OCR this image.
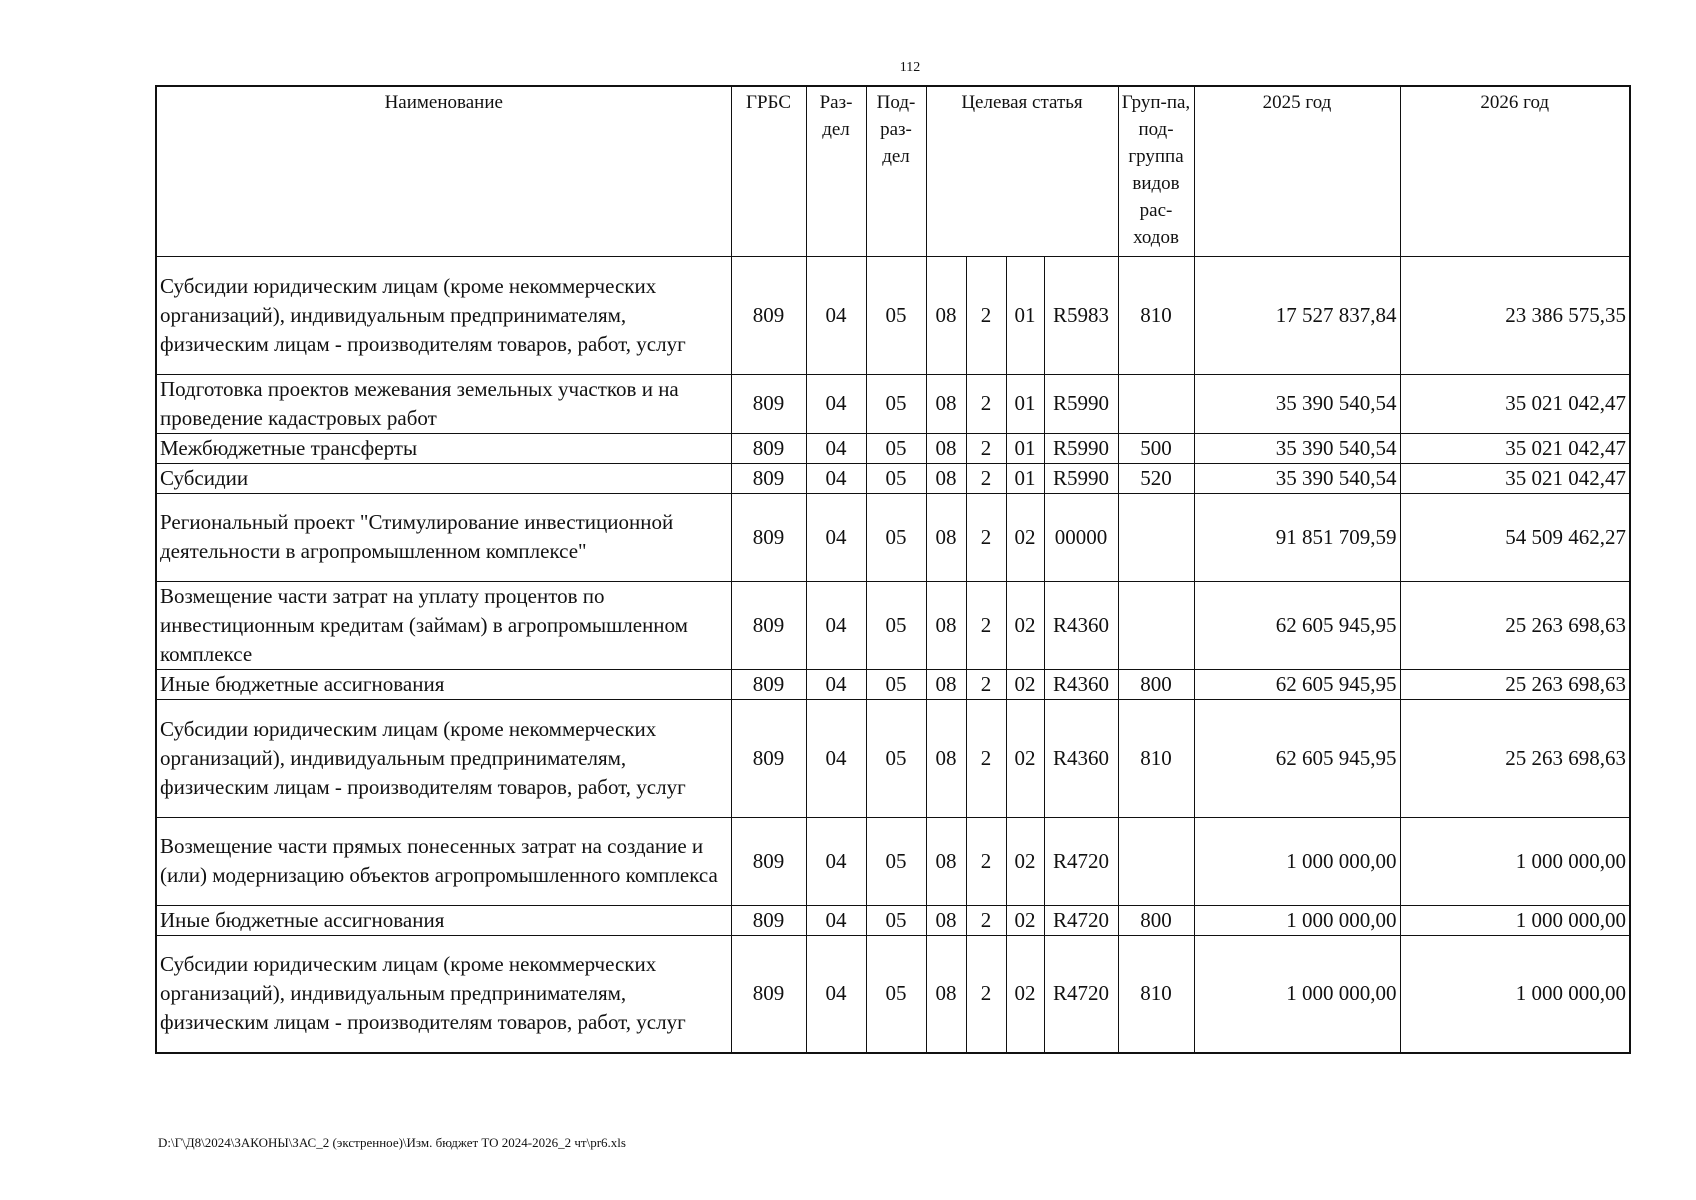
112
Наименование	ГРБС	Раз-дел	Под-раз-дел	Целевая статья				Груп-па, под-группа видов рас-ходов	2025 год	2026 год
Субсидии юридическим лицам (кроме некоммерческих организаций), индивидуальным предпринимателям, физическим лицам - производителям товаров, работ, услуг	809	04	05	08	2	01	R5983	810	17 527 837,84	23 386 575,35
Подготовка проектов межевания земельных участков и на проведение кадастровых работ	809	04	05	08	2	01	R5990		35 390 540,54	35 021 042,47
Межбюджетные трансферты	809	04	05	08	2	01	R5990	500	35 390 540,54	35 021 042,47
Субсидии	809	04	05	08	2	01	R5990	520	35 390 540,54	35 021 042,47
Региональный проект "Стимулирование инвестиционной деятельности в агропромышленном комплексе"	809	04	05	08	2	02	00000		91 851 709,59	54 509 462,27
Возмещение части затрат на уплату процентов по инвестиционным кредитам (займам) в агропромышленном комплексе	809	04	05	08	2	02	R4360		62 605 945,95	25 263 698,63
Иные бюджетные ассигнования	809	04	05	08	2	02	R4360	800	62 605 945,95	25 263 698,63
Субсидии юридическим лицам (кроме некоммерческих организаций), индивидуальным предпринимателям, физическим лицам - производителям товаров, работ, услуг	809	04	05	08	2	02	R4360	810	62 605 945,95	25 263 698,63
Возмещение части прямых понесенных затрат на создание и (или) модернизацию объектов агропромышленного комплекса	809	04	05	08	2	02	R4720		1 000 000,00	1 000 000,00
Иные бюджетные ассигнования	809	04	05	08	2	02	R4720	800	1 000 000,00	1 000 000,00
Субсидии юридическим лицам (кроме некоммерческих организаций), индивидуальным предпринимателям, физическим лицам - производителям товаров, работ, услуг	809	04	05	08	2	02	R4720	810	1 000 000,00	1 000 000,00
D:\Г\Д8\2024\ЗАКОНЫ\ЗАС_2 (экстренное)\Изм. бюджет ТО 2024-2026_2 чт\pr6.xls
